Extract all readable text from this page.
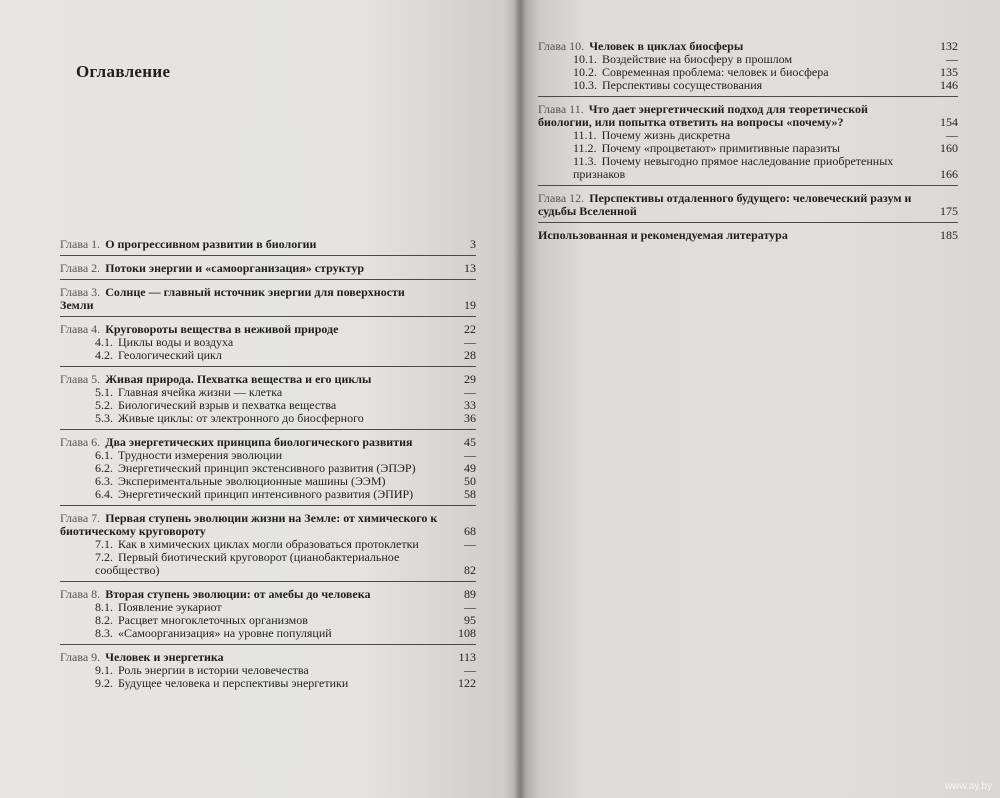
Оглавление
Глава 1. О прогрессивном развитии в биологии	3
Глава 2. Потоки энергии и «самоорганизация» структур	13
Глава 3. Солнце — главный источник энергии для поверхности Земли	19
Глава 4. Круговороты вещества в неживой природе	22
4.1. Циклы воды и воздуха	—
4.2. Геологический цикл	28
Глава 5. Живая природа. Пехватка вещества и его циклы	29
5.1. Главная ячейка жизни — клетка	—
5.2. Биологический взрыв и пехватка вещества	33
5.3. Живые циклы: от электронного до биосферного	36
Глава 6. Два энергетических принципа биологического развития	45
6.1. Трудности измерения эволюции	—
6.2. Энергетический принцип экстенсивного развития (ЭПЭР)	49
6.3. Экспериментальные эволюционные машины (ЭЭМ)	50
6.4. Энергетический принцип интенсивного развития (ЭПИР)	58
Глава 7. Первая ступень эволюции жизни на Земле: от химического к биотическому круговороту	68
7.1. Как в химических циклах могли образоваться протоклетки	—
7.2. Первый биотический круговорот (цианобактериальное сообщество)	82
Глава 8. Вторая ступень эволюции: от амебы до человека	89
8.1. Появление эукариот	—
8.2. Расцвет многоклеточных организмов	95
8.3. «Самоорганизация» на уровне популяций	108
Глава 9. Человек и энергетика	113
9.1. Роль энергии в истории человечества	—
9.2. Будущее человека и перспективы энергетики	122
Глава 10. Человек в циклах биосферы	132
10.1. Воздействие на биосферу в прошлом	—
10.2. Современная проблема: человек и биосфера	135
10.3. Перспективы сосуществования	146
Глава 11. Что дает энергетический подход для теоретической биологии, или попытка ответить на вопросы «почему»?	154
11.1. Почему жизнь дискретна	—
11.2. Почему «процветают» примитивные паразиты	160
11.3. Почему невыгодно прямое наследование приобретенных признаков	166
Глава 12. Перспективы отдаленного будущего: человеческий разум и судьбы Вселенной	175
Использованная и рекомендуемая литература	185
www.ay.by
